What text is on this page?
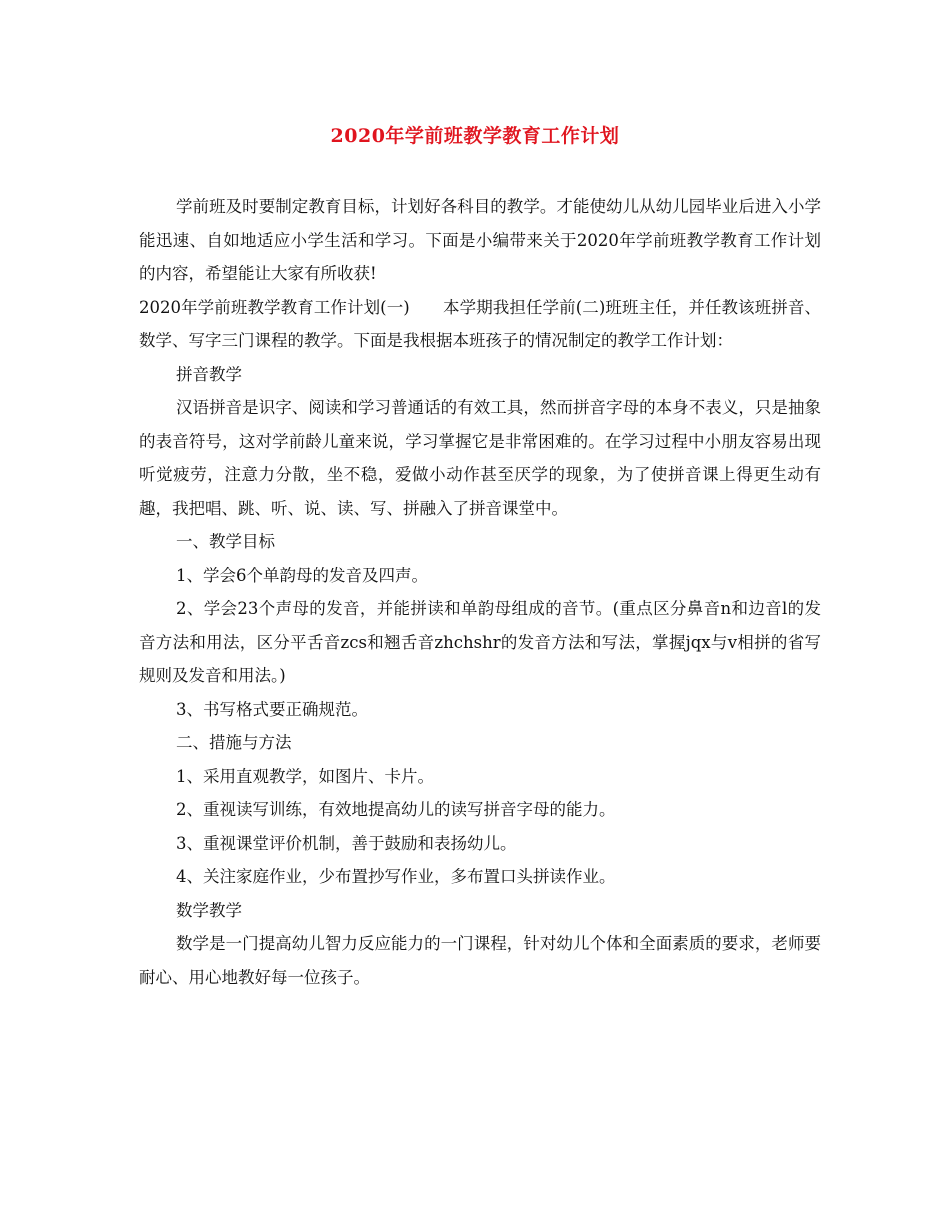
2020年学前班教学教育工作计划

学前班及时要制定教育目标，计划好各科目的教学。才能使幼儿从幼儿园毕业后进入小学能迅速、自如地适应小学生活和学习。下面是小编带来关于2020年学前班教学教育工作计划的内容，希望能让大家有所收获!

2020年学前班教学教育工作计划(一)　　本学期我担任学前(二)班班主任，并任教该班拼音、数学、写字三门课程的教学。下面是我根据本班孩子的情况制定的教学工作计划：

拼音教学

汉语拼音是识字、阅读和学习普通话的有效工具，然而拼音字母的本身不表义，只是抽象的表音符号，这对学前龄儿童来说，学习掌握它是非常困难的。在学习过程中小朋友容易出现听觉疲劳，注意力分散，坐不稳，爱做小动作甚至厌学的现象，为了使拼音课上得更生动有趣，我把唱、跳、听、说、读、写、拼融入了拼音课堂中。

一、教学目标

1、学会6个单韵母的发音及四声。

2、学会23个声母的发音，并能拼读和单韵母组成的音节。(重点区分鼻音n和边音l的发音方法和用法，区分平舌音zcs和翘舌音zhchshr的发音方法和写法，掌握jqx与v相拼的省写规则及发音和用法。)

3、书写格式要正确规范。

二、措施与方法

1、采用直观教学，如图片、卡片。

2、重视读写训练，有效地提高幼儿的读写拼音字母的能力。

3、重视课堂评价机制，善于鼓励和表扬幼儿。

4、关注家庭作业，少布置抄写作业，多布置口头拼读作业。

数学教学

数学是一门提高幼儿智力反应能力的一门课程，针对幼儿个体和全面素质的要求，老师要耐心、用心地教好每一位孩子。
